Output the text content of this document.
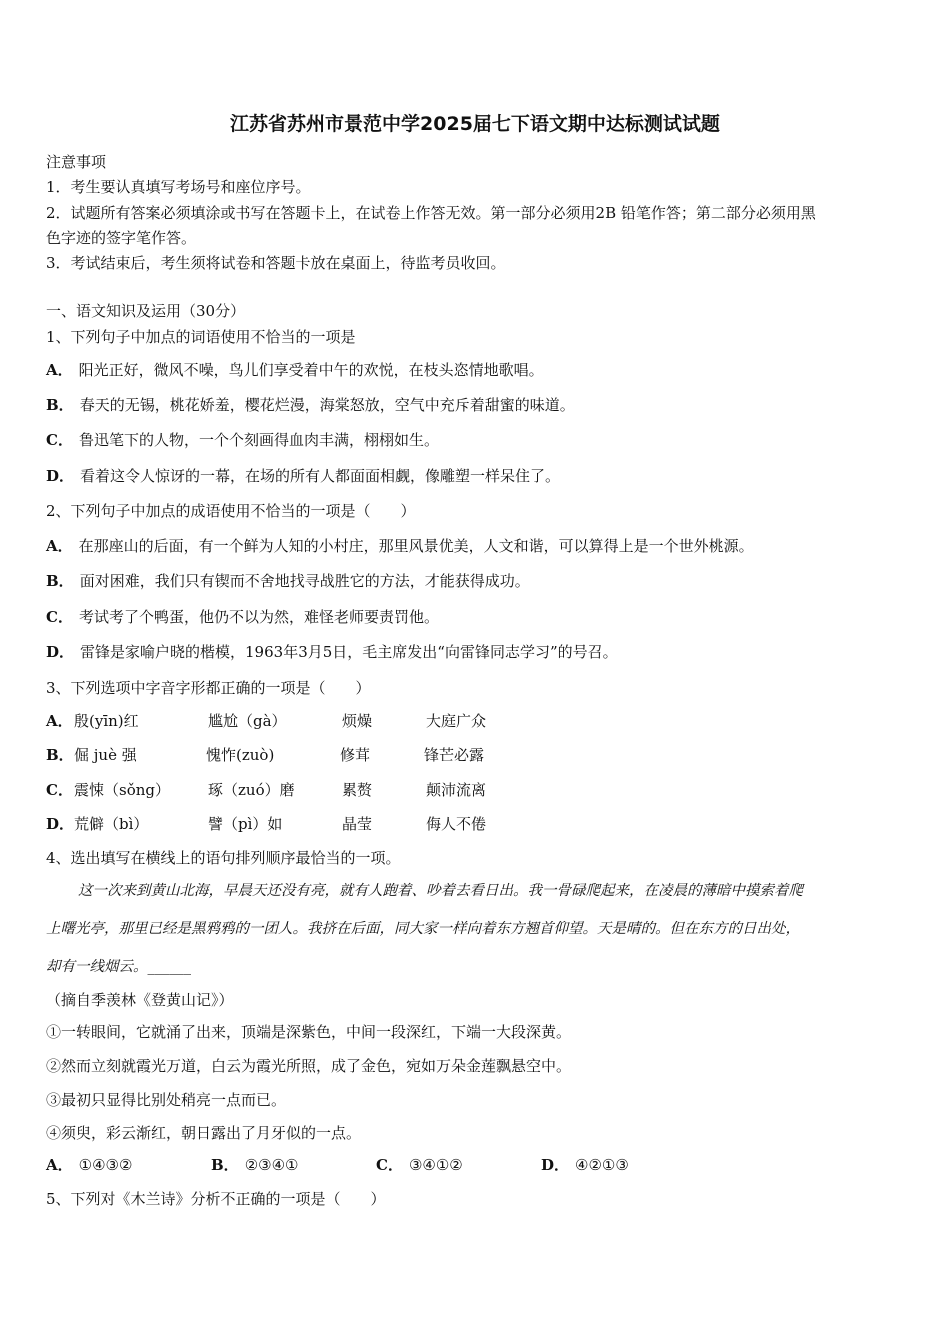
江苏省苏州市景范中学2025届七下语文期中达标测试试题
注意事项
1．考生要认真填写考场号和座位序号。
2．试题所有答案必须填涂或书写在答题卡上，在试卷上作答无效。第一部分必须用2B 铅笔作答；第二部分必须用黑
色字迹的签字笔作答。
3．考试结束后，考生须将试卷和答题卡放在桌面上，待监考员收回。
一、语文知识及运用（30分）
1、下列句子中加点的词语使用不恰当的一项是
A． 阳光正好，微风不噪，鸟儿们享受着中午的欢悦，在枝头恣情地歌唱。
B． 春天的无锡，桃花娇羞，樱花烂漫，海棠怒放，空气中充斥着甜蜜的味道。
C． 鲁迅笔下的人物，一个个刻画得血肉丰满，栩栩如生。
D． 看着这令人惊讶的一幕，在场的所有人都面面相觑，像雕塑一样呆住了。
2、下列句子中加点的成语使用不恰当的一项是（　　）
A． 在那座山的后面，有一个鲜为人知的小村庄，那里风景优美，人文和谐，可以算得上是一个世外桃源。
B． 面对困难，我们只有锲而不舍地找寻战胜它的方法，才能获得成功。
C． 考试考了个鸭蛋，他仍不以为然，难怪老师要责罚他。
D． 雷锋是家喻户晓的楷模，1963年3月5日，毛主席发出“向雷锋同志学习”的号召。
3、下列选项中字音字形都正确的一项是（　　）
A． 殷(yīn)红	尴尬（gà）	烦燥	大庭广众
B． 倔 juè 强	愧怍(zuò)	修茸	锋芒必露
C． 震悚（sǒng）	琢（zuó）磨	累赘	颠沛流离
D． 荒僻（bì）	譬（pì）如	晶莹	侮人不倦
4、选出填写在横线上的语句排列顺序最恰当的一项。
这一次来到黄山北海，早晨天还没有亮，就有人跑着、吵着去看日出。我一骨碌爬起来，在凌晨的薄暗中摸索着爬
上曙光亭，那里已经是黑鸦鸦的一团人。我挤在后面，同大家一样向着东方翘首仰望。天是晴的。但在东方的日出处，
却有一线烟云。______
（摘自季羡林《登黄山记》）
①一转眼间，它就涌了出来，顶端是深紫色，中间一段深红，下端一大段深黄。
②然而立刻就霞光万道，白云为霞光所照，成了金色，宛如万朵金莲飘悬空中。
③最初只显得比别处稍亮一点而已。
④须臾，彩云渐红，朝日露出了月牙似的一点。
A． ①④③②	B． ②③④①	C． ③④①②	D． ④②①③
5、下列对《木兰诗》分析不正确的一项是（　　）
